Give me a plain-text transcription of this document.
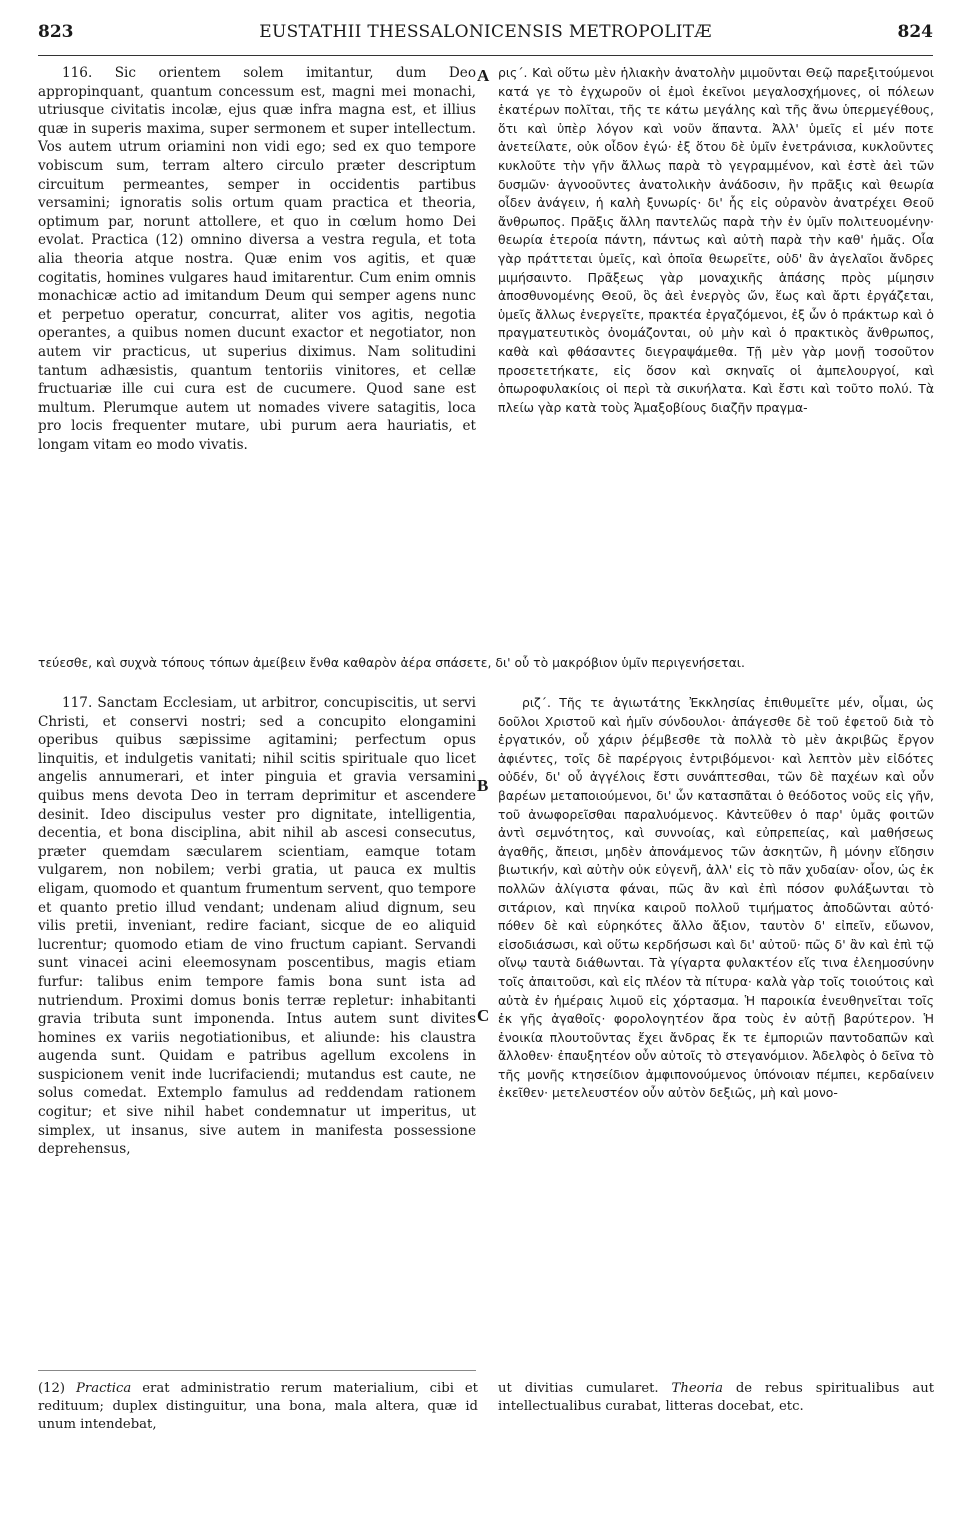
823	EUSTATHII THESSALONICENSIS METROPOLITÆ	824

116. Sic orientem solem imitantur, dum Deo appropinquant, quantum concessum est, magni mei monachi, utriusque civitatis incolæ, ejus quæ infra magna est, et illius quæ in superis maxima, super sermonem et super intellectum. Vos autem utrum oriamini non vidi ego; sed ex quo tempore vobiscum sum, terram altero circulo præter descriptum circuitum permeantes, semper in occidentis partibus versamini; ignoratis solis ortum quam practica et theoria, optimum par, norunt attollere, et quo in cœlum homo Dei evolat. Practica (12) omnino diversa a vestra regula, et tota alia theoria atque nostra. Quæ enim vos agitis, et quæ cogitatis, homines vulgares haud imitarentur. Cum enim omnis monachicæ actio ad imitandum Deum qui semper agens nunc et perpetuo operatur, concurrat, aliter vos agitis, negotia operantes, a quibus nomen ducunt exactor et negotiator, non autem vir practicus, ut superius diximus. Nam solitudini tantum adhæsistis, quantum tentoriis vinitores, et cellæ fructuariæ ille cui cura est de cucumere. Quod sane est multum. Plerumque autem ut nomades vivere satagitis, loca pro locis frequenter mutare, ubi purum aera hauriatis, et longam vitam eo modo vivatis.

ρις΄. Καὶ οὕτω μὲν ἡλιακὴν ἀνατολὴν μιμοῦνται Θεῷ παρεξιτούμενοι κατά γε τὸ ἐγχωροῦν οἱ ἐμοὶ ἐκεῖνοι μεγαλοσχήμονες, οἱ πόλεων ἑκατέρων πολῖται, τῆς τε κάτω μεγάλης καὶ τῆς ἄνω ὑπερμεγέθους, ὅτι καὶ ὑπὲρ λόγον καὶ νοῦν ἅπαντα. Ἀλλ' ὑμεῖς εἰ μέν ποτε ἀνετείλατε, οὐκ οἶδον ἐγώ· ἐξ ὅτου δὲ ὑμῖν ἐνετράνισα, κυκλοῦντες κυκλοῦτε τὴν γῆν ἄλλως παρὰ τὸ γεγραμμένον, καὶ ἐστὲ ἀεὶ τῶν δυσμῶν· ἀγνοοῦντες ἀνατολικὴν ἀνάδοσιν, ἣν πρᾶξις καὶ θεωρία οἶδεν ἀνάγειν, ἡ καλὴ ξυνωρίς· δι' ἧς εἰς οὐρανὸν ἀνατρέχει Θεοῦ ἄνθρωπος. Πρᾶξις ἄλλη παντελῶς παρὰ τὴν ἐν ὑμῖν πολιτευομένην· θεωρία ἑτεροία πάντη, πάντως καὶ αὐτὴ παρὰ τὴν καθ' ἡμᾶς. Οἷα γὰρ πράττεται ὑμεῖς, καὶ ὁποῖα θεωρεῖτε, οὐδ' ἂν ἀγελαῖοι ἄνδρες μιμήσαιντο. Πρᾶξεως γὰρ μοναχικῆς ἁπάσης πρὸς μίμησιν ἀποσθυνομένης Θεοῦ, ὃς ἀεὶ ἐνεργὸς ὤν, ἕως καὶ ἄρτι ἐργάζεται, ὑμεῖς ἄλλως ἐνεργεῖτε, πρακτέα ἐργαζόμενοι, ἐξ ὧν ὁ πράκτωρ καὶ ὁ πραγματευτικὸς ὀνομάζονται, οὐ μὴν καὶ ὁ πρακτικὸς ἄνθρωπος, καθὰ καὶ φθάσαντες διεγραψάμεθα. Τῇ μὲν γὰρ μονῇ τοσοῦτον προσετετήκατε, εἰς ὅσον καὶ σκηναῖς οἱ ἀμπελουργοί, καὶ ὀπωροφυλακίοις οἱ περὶ τὰ σικυήλατα. Καὶ ἔστι καὶ τοῦτο πολύ. Τὰ πλείω γὰρ κατὰ τοὺς Ἀμαξοβίους διαζῆν πραγμα-

A
B
τεύεσθε, καὶ συχνὰ τόπους τόπων ἀμείβειν ἔνθα καθαρὸν ἀέρα σπάσετε, δι' οὗ τὸ μακρόβιον ὑμῖν περιγενήσεται.

117. Sanctam Ecclesiam, ut arbitror, concupiscitis, ut servi Christi, et conservi nostri; sed a concupito elongamini operibus quibus sæpissime agitamini; perfectum opus linquitis, et indulgetis vanitati; nihil scitis spirituale quo licet angelis annumerari, et inter pinguia et gravia versamini quibus mens devota Deo in terram deprimitur et ascendere desinit. Ideo discipulus vester pro dignitate, intelligentia, decentia, et bona disciplina, abit nihil ab ascesi consecutus, præter quemdam sæcularem scientiam, eamque totam vulgarem, non nobilem; verbi gratia, ut pauca ex multis eligam, quomodo et quantum frumentum servent, quo tempore et quanto pretio illud vendant; undenam aliud dignum, seu vilis pretii, inveniant, redire faciant, sicque de eo aliquid lucrentur; quomodo etiam de vino fructum capiant. Servandi sunt vinacei acini eleemosynam poscentibus, magis etiam furfur: talibus enim tempore famis bona sunt ista ad nutriendum. Proximi domus bonis terræ repletur: inhabitanti gravia tributa sunt imponenda. Intus autem sunt divites homines ex variis negotiationibus, et aliunde: his claustra augenda sunt. Quidam e patribus agellum excolens in suspicionem venit inde lucrifaciendi; mutandus est caute, ne solus comedat. Extemplo famulus ad reddendam rationem cogitur; et sive nihil habet condemnatur ut imperitus, ut simplex, ut insanus, sive autem in manifesta possessione deprehensus,

ριζ΄. Τῆς τε ἁγιωτάτης Ἐκκλησίας ἐπιθυμεῖτε μέν, οἶμαι, ὡς δοῦλοι Χριστοῦ καὶ ἡμῖν σύνδουλοι· ἀπάγεσθε δὲ τοῦ ἐφετοῦ διὰ τὸ ἐργατικόν, οὗ χάριν ῥέμβεσθε τὰ πολλὰ τὸ μὲν ἀκριβῶς ἔργον ἀφιέντες, τοῖς δὲ παρέργοις ἐντριβόμενοι· καὶ λεπτὸν μὲν εἰδότες οὐδέν, δι' οὗ ἀγγέλοις ἔστι συνάπτεσθαι, τῶν δὲ παχέων καὶ οὖν βαρέων μεταποιούμενοι, δι' ὧν κατασπᾶται ὁ θεόδοτος νοῦς εἰς γῆν, τοῦ ἀνωφορεῖσθαι παραλυόμενος. Κἀντεῦθεν ὁ παρ' ὑμᾶς φοιτῶν ἀντὶ σεμνότητος, καὶ συννοίας, καὶ εὐπρεπείας, καὶ μαθήσεως ἀγαθῆς, ἄπεισι, μηδὲν ἀπονάμενος τῶν ἀσκητῶν, ἢ μόνην εἴδησιν βιωτικήν, καὶ αὐτὴν οὐκ εὐγενῆ, ἀλλ' εἰς τὸ πᾶν χυδαίαν· οἷον, ὡς ἐκ πολλῶν ἀλίγιστα φάναι, πῶς ἂν καὶ ἐπὶ πόσον φυλάξωνται τὸ σιτάριον, καὶ πηνίκα καιροῦ πολλοῦ τιμήματος ἀποδῶνται αὐτό· πόθεν δὲ καὶ εὑρηκότες ἄλλο ἄξιον, ταυτὸν δ' εἰπεῖν, εὔωνον, εἰσοδιάσωσι, καὶ οὕτω κερδήσωσι καὶ δι' αὐτοῦ· πῶς δ' ἂν καὶ ἐπὶ τῷ οἴνῳ ταυτὰ διάθωνται. Τὰ γίγαρτα φυλακτέον εἴς τινα ἐλεημοσύνην τοῖς ἀπαιτοῦσι, καὶ εἰς πλέον τὰ πίτυρα· καλὰ γὰρ τοῖς τοιούτοις καὶ αὐτὰ ἐν ἡμέραις λιμοῦ εἰς χόρτασμα. Ἡ παροικία ἐνευθηνεῖται τοῖς ἐκ γῆς ἀγαθοῖς· φορολογητέον ἄρα τοὺς ἐν αὐτῇ βαρύτερον. Ἡ ἐνοικία πλουτοῦντας ἔχει ἄνδρας ἔκ τε ἐμποριῶν παντοδαπῶν καὶ ἄλλοθεν· ἐπαυξητέον οὖν αὐτοῖς τὸ στεγανόμιον. Ἀδελφὸς ὁ δεῖνα τὸ τῆς μονῆς κτησείδιον ἀμφιπονούμενος ὑπόνοιαν πέμπει, κερδαίνειν ἐκεῖθεν· μετελευστέον οὖν αὐτὸν δεξιῶς, μὴ καὶ μονο-

C
(12) Practica erat administratio rerum materialium, cibi et redituum; duplex distinguitur, una bona, mala altera, quæ id unum intendebat,
ut divitias cumularet. Theoria de rebus spiritualibus aut intellectualibus curabat, litteras docebat, etc.
